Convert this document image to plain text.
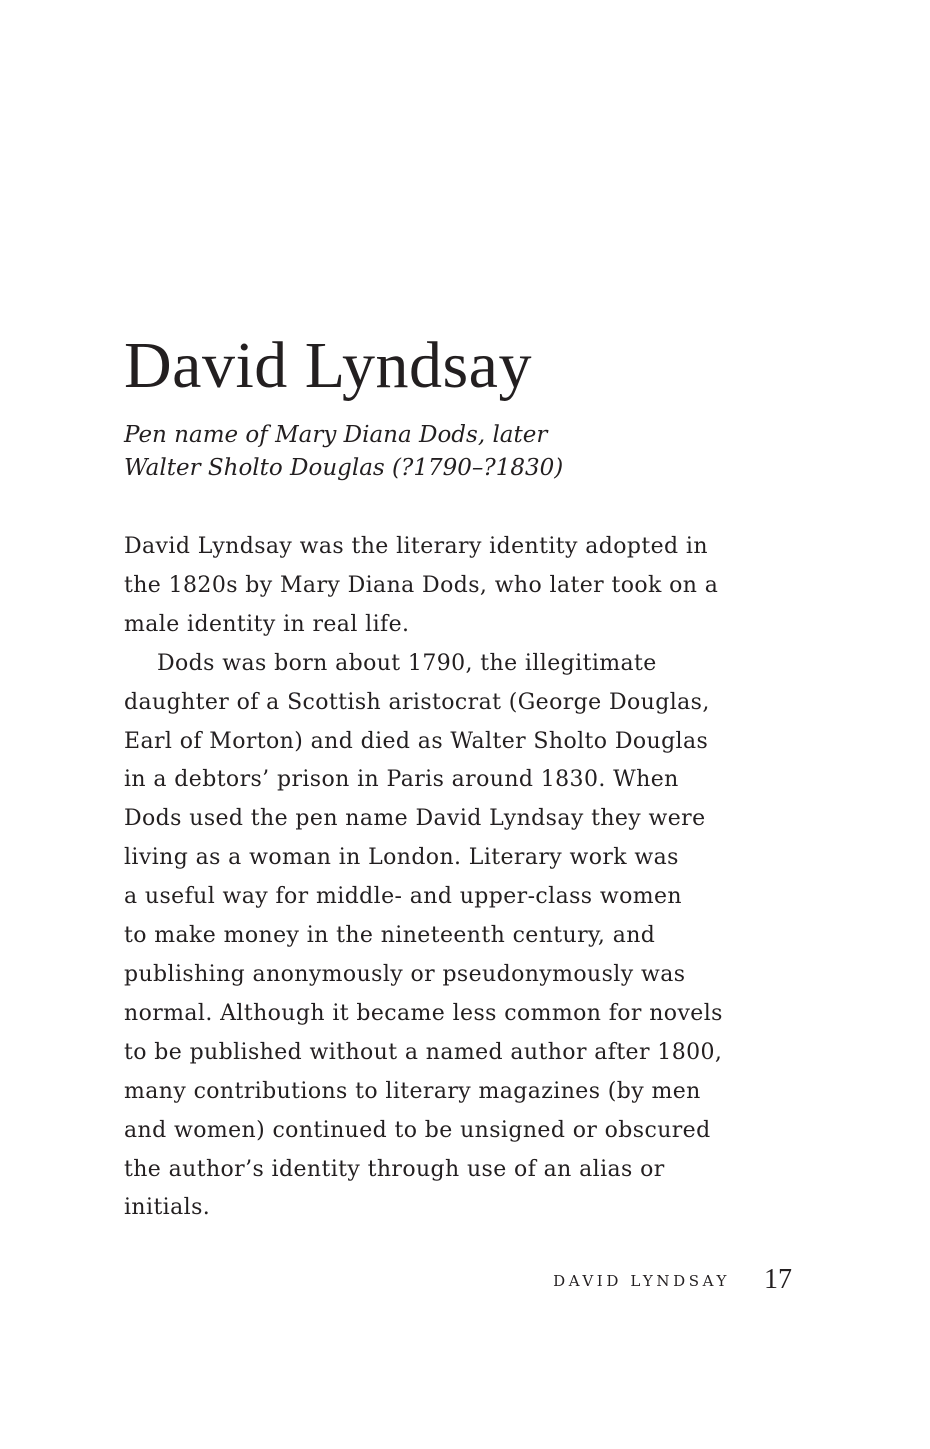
David Lyndsay
Pen name of Mary Diana Dods, later
Walter Sholto Douglas (?1790–?1830)
David Lyndsay was the literary identity adopted in
the 1820s by Mary Diana Dods, who later took on a
male identity in real life.
Dods was born about 1790, the illegitimate
daughter of a Scottish aristocrat (George Douglas,
Earl of Morton) and died as Walter Sholto Douglas
in a debtors’ prison in Paris around 1830. When
Dods used the pen name David Lyndsay they were
living as a woman in London. Literary work was
a useful way for middle- and upper-class women
to make money in the nineteenth century, and
publishing anonymously or pseudonymously was
normal. Although it became less common for novels
to be published without a named author after 1800,
many contributions to literary magazines (by men
and women) continued to be unsigned or obscured
the author’s identity through use of an alias or
initials.
DAVID LYNDSAY 17
